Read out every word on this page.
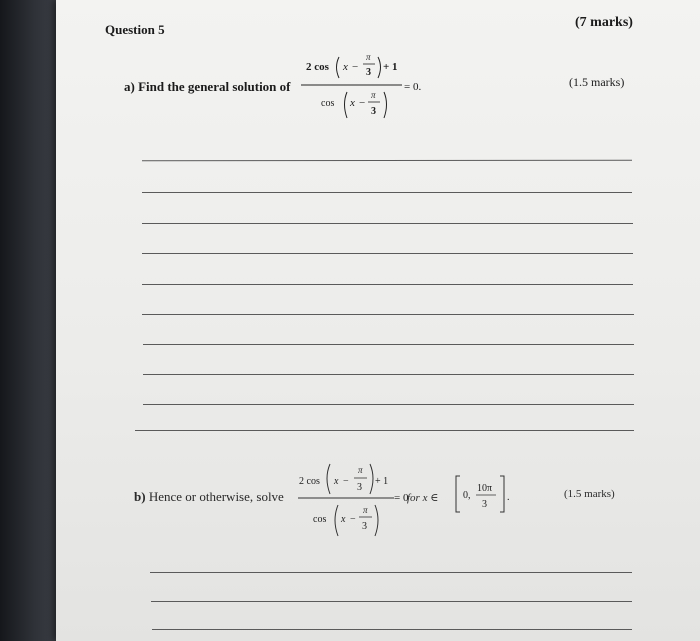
Question 5	(7 marks)
a) Find the general solution of
2 cos x −
π
3 + 1
cos x −
π
3
= 0.	(1.5 marks)
b) Hence or otherwise, solve
2 cos x −
π
3
+ 1
cos x −
π
3
= 0
for x ∈ 0,
10π
3
.	(1.5 marks)
